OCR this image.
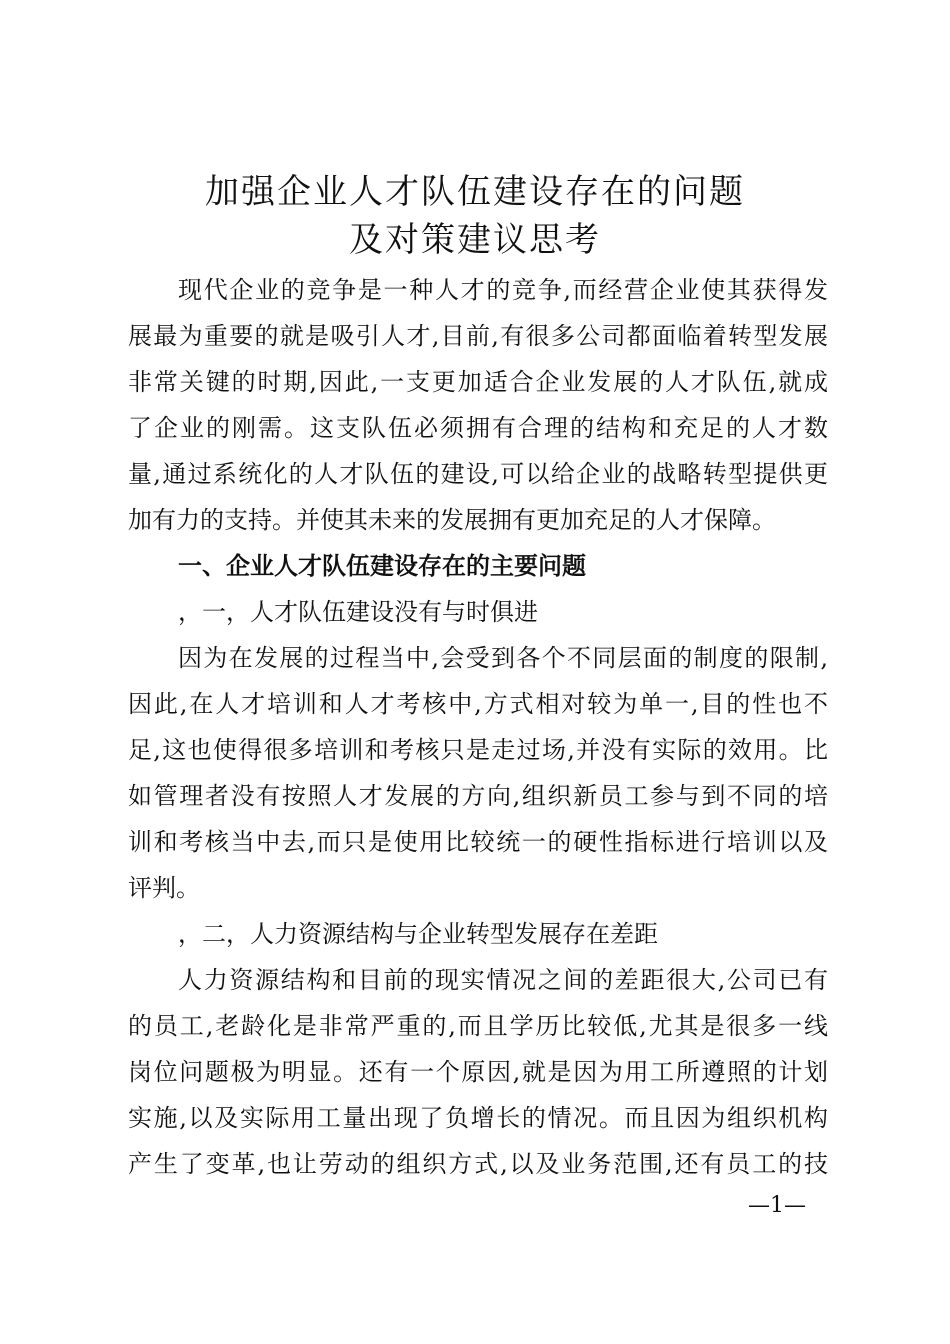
加强企业人才队伍建设存在的问题
及对策建议思考
现代企业的竞争是一种人才的竞争,而经营企业使其获得发
展最为重要的就是吸引人才,目前,有很多公司都面临着转型发展
非常关键的时期,因此,一支更加适合企业发展的人才队伍,就成
了企业的刚需。这支队伍必须拥有合理的结构和充足的人才数
量,通过系统化的人才队伍的建设,可以给企业的战略转型提供更
加有力的支持。并使其未来的发展拥有更加充足的人才保障。
一、企业人才队伍建设存在的主要问题
，一，人才队伍建设没有与时俱进
因为在发展的过程当中,会受到各个不同层面的制度的限制,
因此,在人才培训和人才考核中,方式相对较为单一,目的性也不
足,这也使得很多培训和考核只是走过场,并没有实际的效用。比
如管理者没有按照人才发展的方向,组织新员工参与到不同的培
训和考核当中去,而只是使用比较统一的硬性指标进行培训以及
评判。
，二，人力资源结构与企业转型发展存在差距
人力资源结构和目前的现实情况之间的差距很大,公司已有
的员工,老龄化是非常严重的,而且学历比较低,尤其是很多一线
岗位问题极为明显。还有一个原因,就是因为用工所遵照的计划
实施,以及实际用工量出现了负增长的情况。而且因为组织机构
产生了变革,也让劳动的组织方式,以及业务范围,还有员工的技
—1—
